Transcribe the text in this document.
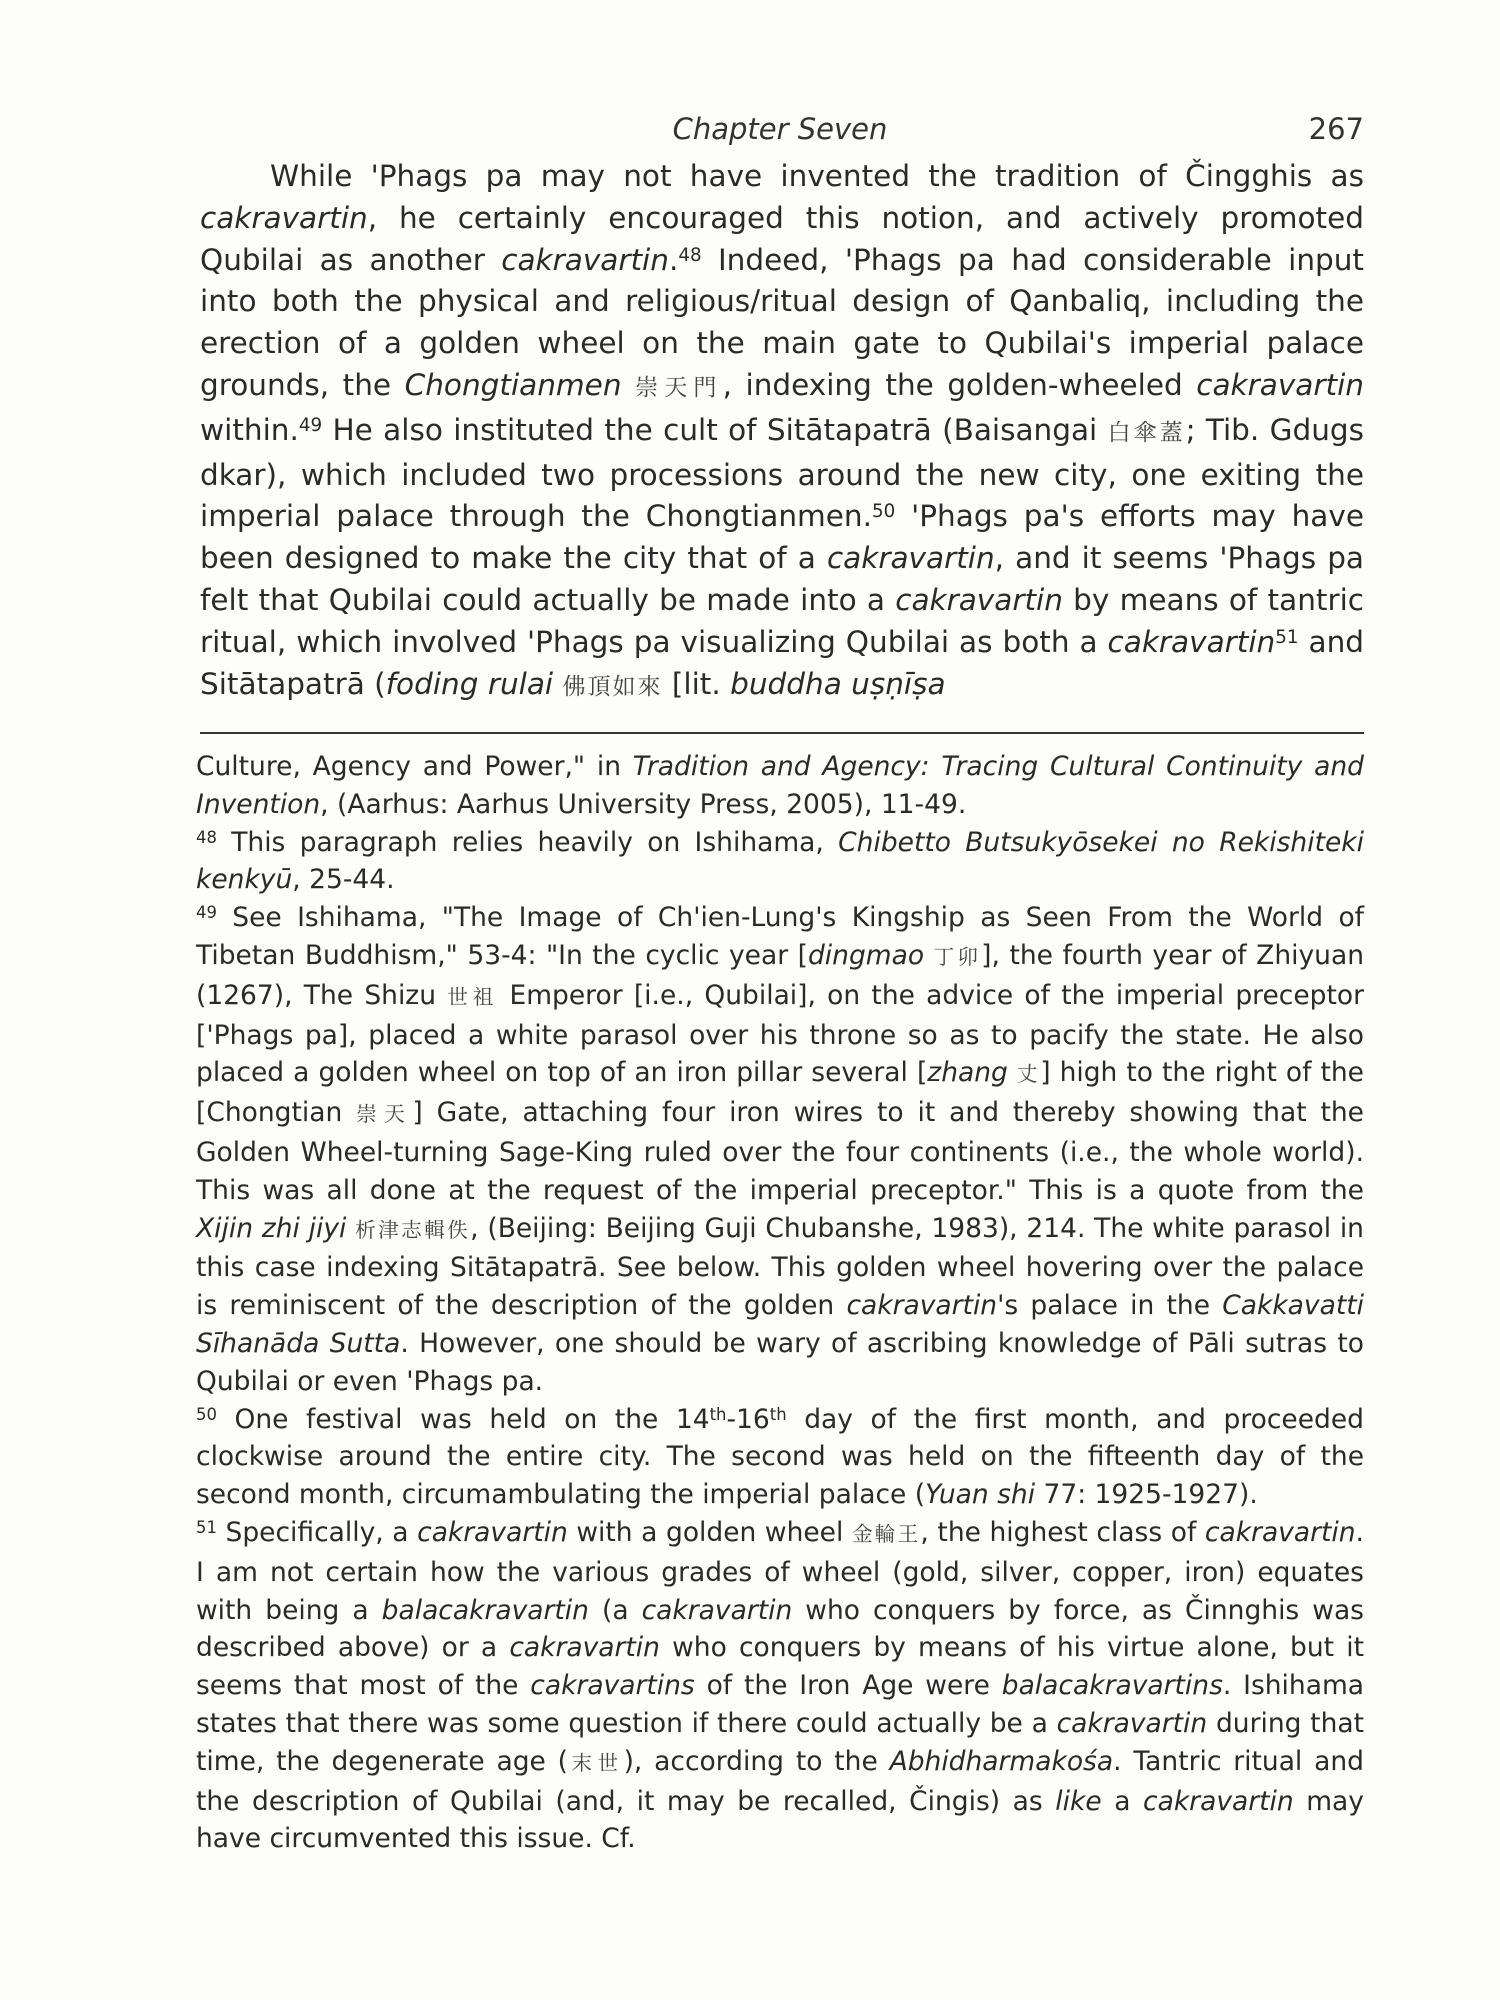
Chapter Seven	267

While 'Phags pa may not have invented the tradition of Čingghis as cakravartin, he certainly encouraged this notion, and actively promoted Qubilai as another cakravartin.$^{48}$ Indeed, 'Phags pa had considerable input into both the physical and religious/ritual design of Qanbaliq, including the erection of a golden wheel on the main gate to Qubilai's imperial palace grounds, the Chongtianmen 崇天門, indexing the golden-wheeled cakravartin within.$^{49}$ He also instituted the cult of Sitātapatrā (Baisangai 白傘蓋; Tib. Gdugs dkar), which included two processions around the new city, one exiting the imperial palace through the Chongtianmen.$^{50}$ 'Phags pa's efforts may have been designed to make the city that of a cakravartin, and it seems 'Phags pa felt that Qubilai could actually be made into a cakravartin by means of tantric ritual, which involved 'Phags pa visualizing Qubilai as both a cakravartin$^{51}$ and Sitātapatrā (foding rulai 佛頂如來 [lit. buddha uṣṇīṣa

Culture, Agency and Power," in Tradition and Agency: Tracing Cultural Continuity and Invention, (Aarhus: Aarhus University Press, 2005), 11-49.

$^{48}$ This paragraph relies heavily on Ishihama, Chibetto Butsukyōsekei no Rekishiteki kenkyū, 25-44.

$^{49}$ See Ishihama, "The Image of Ch'ien-Lung's Kingship as Seen From the World of Tibetan Buddhism," 53-4: "In the cyclic year [dingmao 丁卯], the fourth year of Zhiyuan (1267), The Shizu 世祖 Emperor [i.e., Qubilai], on the advice of the imperial preceptor ['Phags pa], placed a white parasol over his throne so as to pacify the state. He also placed a golden wheel on top of an iron pillar several [zhang 丈] high to the right of the [Chongtian 崇天] Gate, attaching four iron wires to it and thereby showing that the Golden Wheel-turning Sage-King ruled over the four continents (i.e., the whole world). This was all done at the request of the imperial preceptor." This is a quote from the Xijin zhi jiyi 析津志輯佚, (Beijing: Beijing Guji Chubanshe, 1983), 214. The white parasol in this case indexing Sitātapatrā. See below. This golden wheel hovering over the palace is reminiscent of the description of the golden cakravartin's palace in the Cakkavatti Sīhanāda Sutta. However, one should be wary of ascribing knowledge of Pāli sutras to Qubilai or even 'Phags pa.

$^{50}$ One festival was held on the 14th-16th day of the first month, and proceeded clockwise around the entire city. The second was held on the fifteenth day of the second month, circumambulating the imperial palace (Yuan shi 77: 1925-1927).

$^{51}$ Specifically, a cakravartin with a golden wheel 金輪王, the highest class of cakravartin. I am not certain how the various grades of wheel (gold, silver, copper, iron) equates with being a balacakravartin (a cakravartin who conquers by force, as Činnghis was described above) or a cakravartin who conquers by means of his virtue alone, but it seems that most of the cakravartins of the Iron Age were balacakravartins. Ishihama states that there was some question if there could actually be a cakravartin during that time, the degenerate age (末世), according to the Abhidharmakośa. Tantric ritual and the description of Qubilai (and, it may be recalled, Čingis) as like a cakravartin may have circumvented this issue. Cf.
